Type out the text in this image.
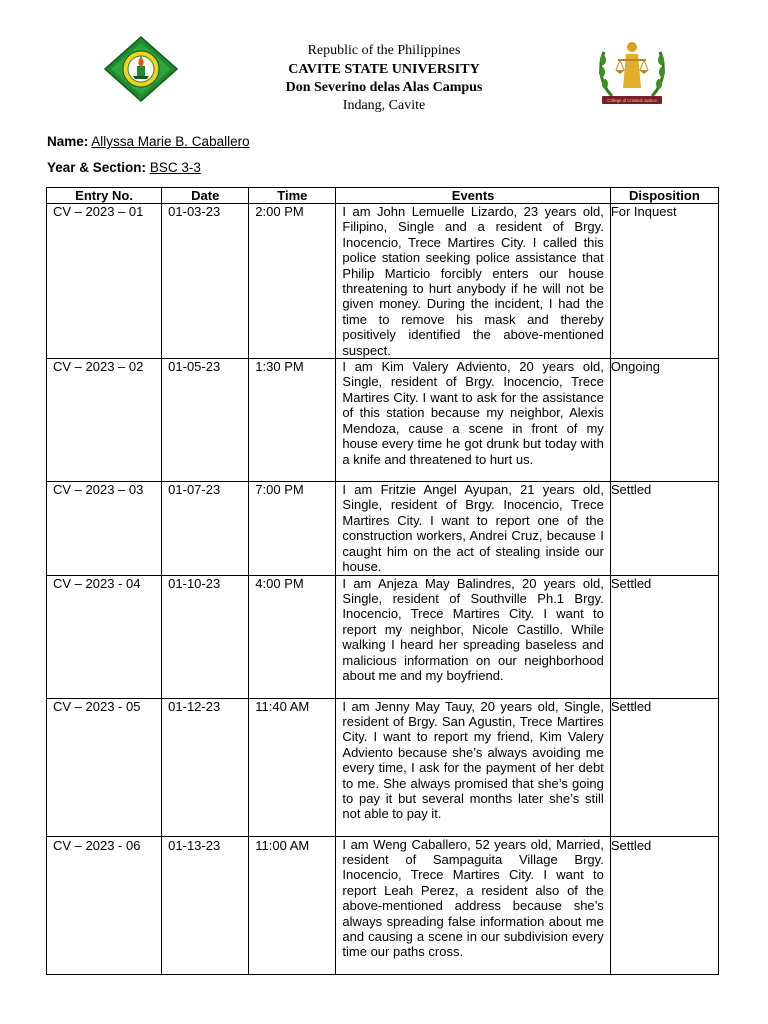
Republic of the Philippines
CAVITE STATE UNIVERSITY
Don Severino delas Alas Campus
Indang, Cavite	College of Criminal Justice
Name: Allyssa Marie B. Caballero
Year & Section: BSC 3-3
Entry No.	Date	Time	Events	Disposition

CV – 2023 – 01	01-03-23	2:00 PM	I am John Lemuelle Lizardo, 23 years old, Filipino, Single and a resident of Brgy. Inocencio, Trece Martires City. I called this police station seeking police assistance that Philip Marticio forcibly enters our house threatening to hurt anybody if he will not be given money. During the incident, I had the time to remove his mask and thereby positively identified the above-mentioned suspect.	For Inquest

CV – 2023 – 02	01-05-23	1:30 PM	I am Kim Valery Adviento, 20 years old, Single, resident of Brgy. Inocencio, Trece Martires City. I want to ask for the assistance of this station because my neighbor, Alexis Mendoza, cause a scene in front of my house every time he got drunk but today with a knife and threatened to hurt us.	Ongoing

CV – 2023 – 03	01-07-23	7:00 PM	I am Fritzie Angel Ayupan, 21 years old, Single, resident of Brgy. Inocencio, Trece Martires City. I want to report one of the construction workers, Andrei Cruz, because I caught him on the act of stealing inside our house.	Settled

CV – 2023 - 04	01-10-23	4:00 PM	I am Anjeza May Balindres, 20 years old, Single, resident of Southville Ph.1 Brgy. Inocencio, Trece Martires City. I want to report my neighbor, Nicole Castillo. While walking I heard her spreading baseless and malicious information on our neighborhood about me and my boyfriend.	Settled

CV – 2023 - 05	01-12-23	11:40 AM	I am Jenny May Tauy, 20 years old, Single, resident of Brgy. San Agustin, Trece Martires City. I want to report my friend, Kim Valery Adviento because she’s always avoiding me every time, I ask for the payment of her debt to me. She always promised that she’s going to pay it but several months later she’s still not able to pay it.	Settled

CV – 2023 - 06	01-13-23	11:00 AM	I am Weng Caballero, 52 years old, Married, resident of Sampaguita Village Brgy. Inocencio, Trece Martires City. I want to report Leah Perez, a resident also of the above-mentioned address because she’s always spreading false information about me and causing a scene in our subdivision every time our paths cross.	Settled
